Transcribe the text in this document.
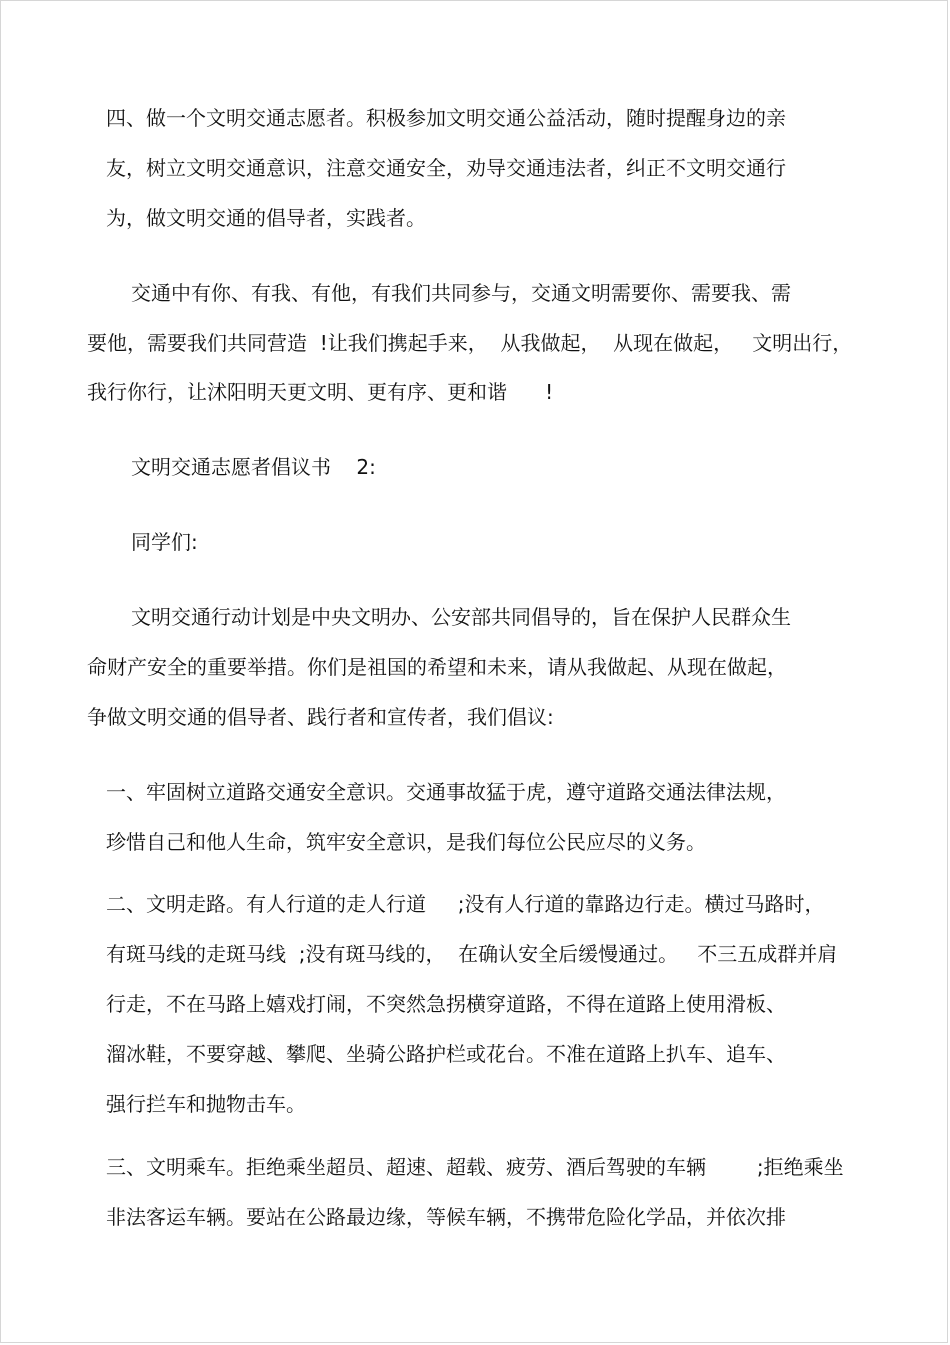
四、做一个文明交通志愿者。积极参加文明交通公益活动，随时提醒身边的亲
友，树立文明交通意识，注意交通安全，劝导交通违法者，纠正不文明交通行
为，做文明交通的倡导者，实践者。
交通中有你、有我、有他，有我们共同参与，交通文明需要你、需要我、需
要他，需要我们共同营造  !让我们携起手来，  从我做起，  从现在做起，   文明出行，
我行你行，让沭阳明天更文明、更有序、更和谐      !
文明交通志愿者倡议书    2:
同学们:
文明交通行动计划是中央文明办、公安部共同倡导的，旨在保护人民群众生
命财产安全的重要举措。你们是祖国的希望和未来，请从我做起、从现在做起，
争做文明交通的倡导者、践行者和宣传者，我们倡议:
一、牢固树立道路交通安全意识。交通事故猛于虎，遵守道路交通法律法规，
珍惜自己和他人生命，筑牢安全意识，是我们每位公民应尽的义务。
二、文明走路。有人行道的走人行道     ;没有人行道的靠路边行走。横过马路时，
有斑马线的走斑马线  ;没有斑马线的，  在确认安全后缓慢通过。   不三五成群并肩
行走，不在马路上嬉戏打闹，不突然急拐横穿道路，不得在道路上使用滑板、
溜冰鞋，不要穿越、攀爬、坐骑公路护栏或花台。不准在道路上扒车、追车、
强行拦车和抛物击车。
三、文明乘车。拒绝乘坐超员、超速、超载、疲劳、酒后驾驶的车辆        ;拒绝乘坐
非法客运车辆。要站在公路最边缘，等候车辆，不携带危险化学品，并依次排
